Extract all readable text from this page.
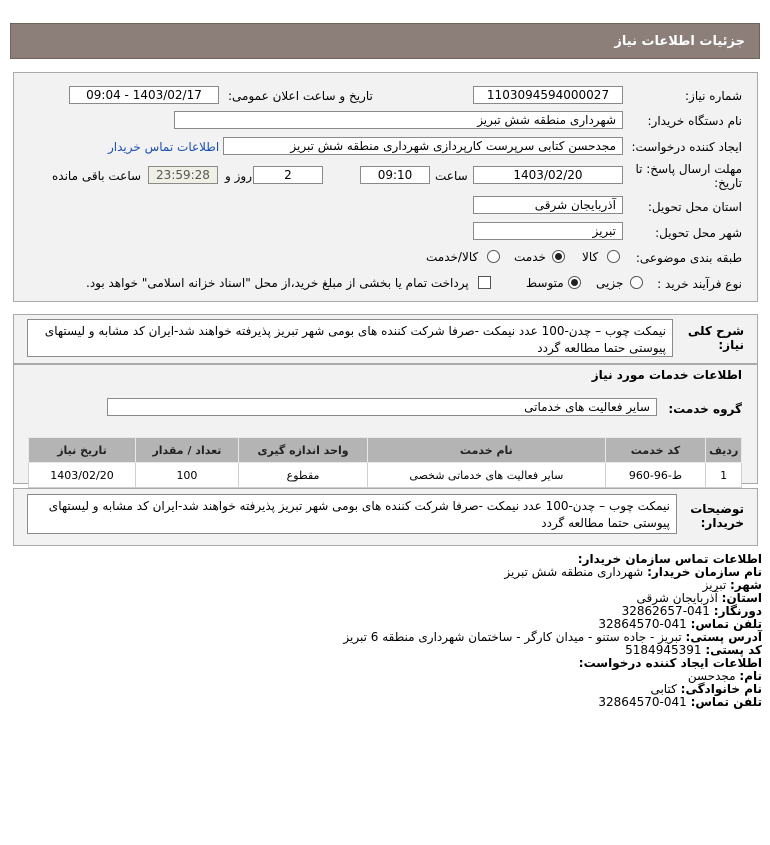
جزئیات اطلاعات نیاز
شماره نیاز:
1103094594000027
تاریخ و ساعت اعلان عمومی:
1403/02/17 - 09:04
نام دستگاه خریدار:
شهرداری منطقه شش تبریز
ایجاد کننده درخواست:
مجدحسن کتابی سرپرست کارپردازی شهرداری منطقه شش تبریز
اطلاعات تماس خریدار
مهلت ارسال پاسخ: تا
تاریخ:
1403/02/20
ساعت
09:10
2
روز و
23:59:28
ساعت باقی مانده
استان محل تحویل:
آذربایجان شرقی
شهر محل تحویل:
تبریز
طبقه بندی موضوعی:
کالا
خدمت
کالا/خدمت
نوع فرآیند خرید :
جزیی
متوسط
پرداخت تمام یا بخشی از مبلغ خرید،از محل "اسناد خزانه اسلامی" خواهد بود.
شرح کلی
نیاز:
نیمکت چوب – چدن-100 عدد نیمکت -صرفا شرکت کننده های بومی شهر تبریز پذیرفته خواهند شد-ایران کد مشابه و لیستهای پیوستی حتما مطالعه گردد
اطلاعات خدمات مورد نیاز
گروه خدمت:
سایر فعالیت های خدماتی
ردیف	کد خدمت	نام خدمت	واحد اندازه گیری	تعداد / مقدار	تاریخ نیاز
1	ط-96-960	سایر فعالیت های خدماتی شخصی	مقطوع	100	1403/02/20
توضیحات
خریدار:
نیمکت چوب – چدن-100 عدد نیمکت -صرفا شرکت کننده های بومی شهر تبریز پذیرفته خواهند شد-ایران کد مشابه و لیستهای پیوستی حتما مطالعه گردد
اطلاعات تماس سازمان خریدار:
نام سازمان خریدار: شهرداری منطقه شش تبریز
شهر: تبریز
استان: آذربایجان شرقی
دورنگار: 041-32862657
تلفن تماس: 041-32864570
آدرس پستی: تبریز - جاده ستنو - میدان کارگر - ساختمان شهرداری منطقه 6 تبریز
کد پستی: 5184945391
اطلاعات ایجاد کننده درخواست:
نام: مجدحسن
نام خانوادگی: کتابی
تلفن تماس: 041-32864570
